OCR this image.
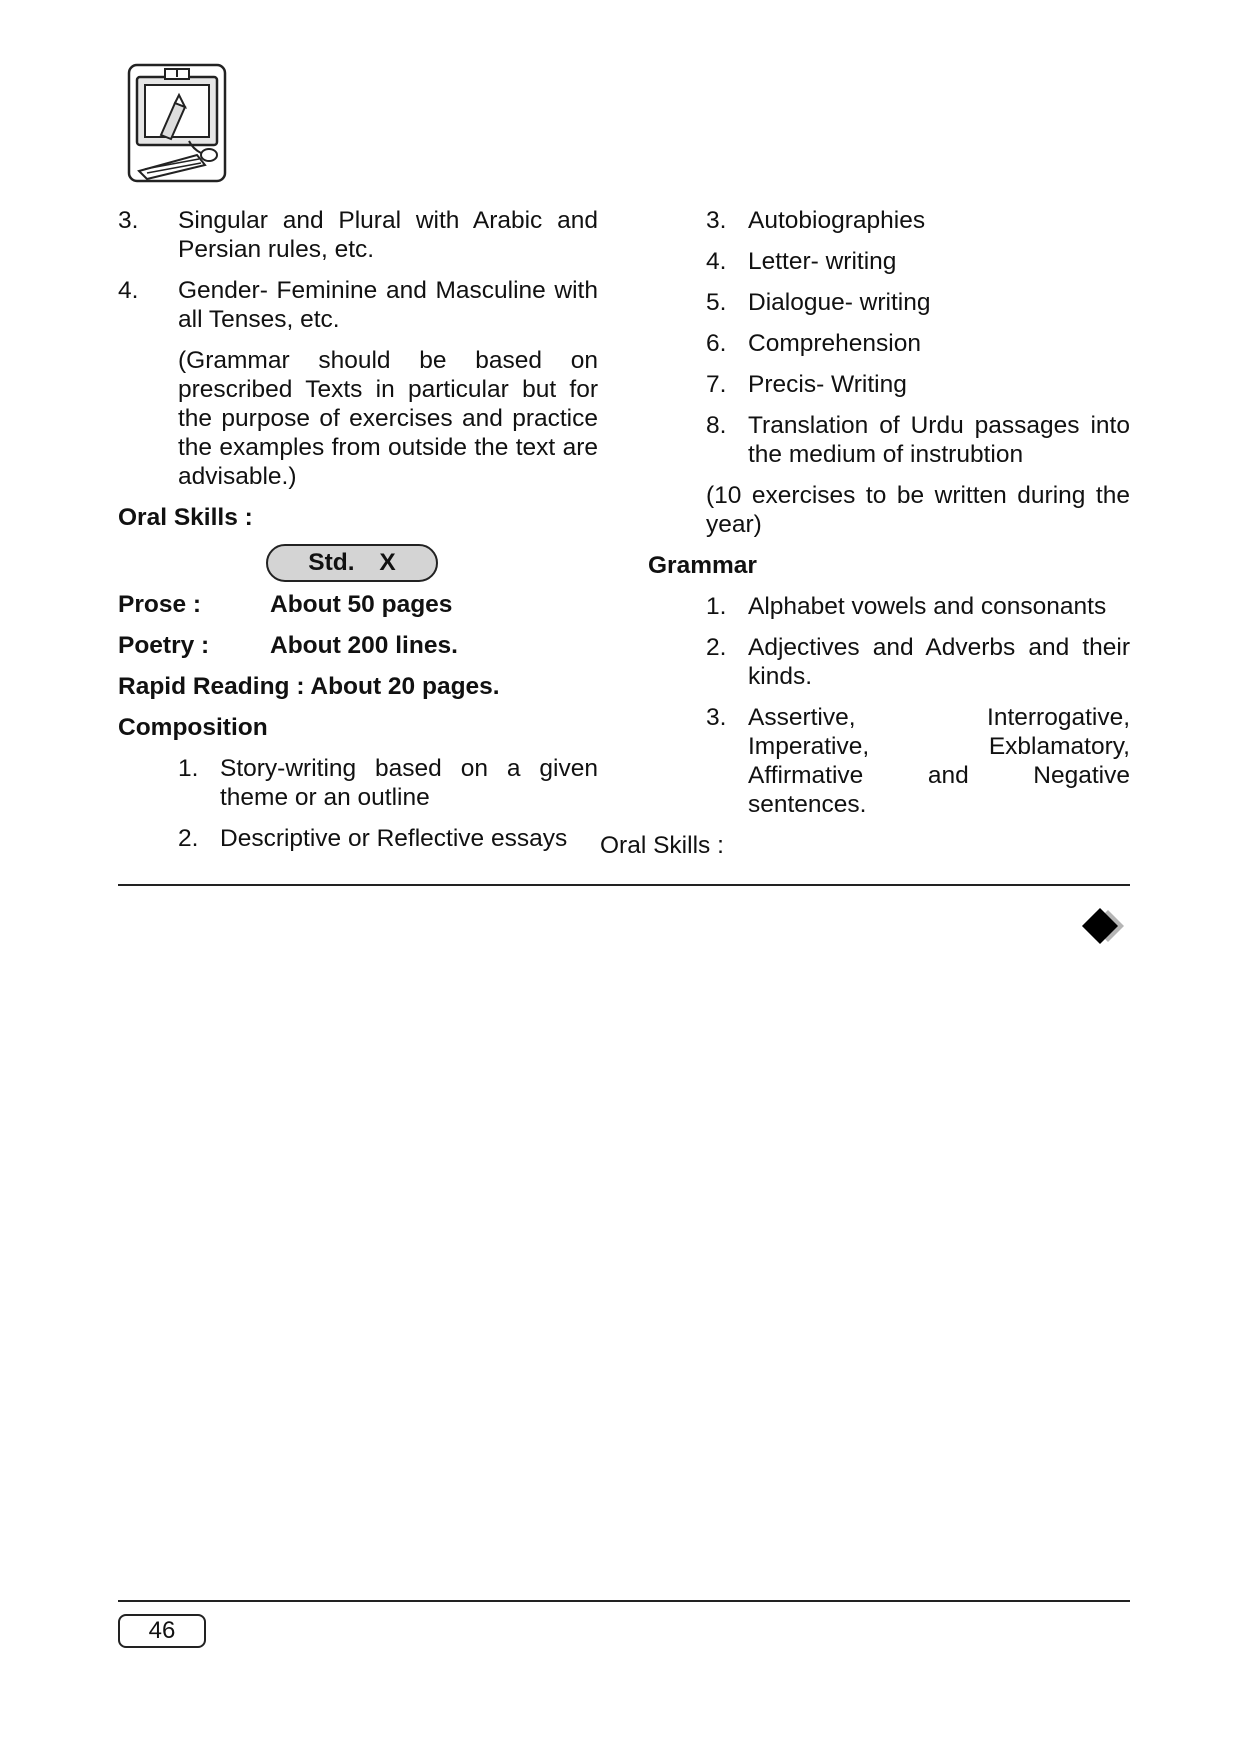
3.	Singular and Plural with Arabic and Persian rules, etc.
4.	Gender- Feminine and Masculine with all Tenses, etc.
(Grammar should be based on prescribed Texts in particular but for the purpose of exercises and practice the examples from outside the text are advisable.)
Oral Skills :
Std. X
Prose :	About 50 pages
Poetry :	About 200 lines.
Rapid Reading : About 20 pages.
Composition
1. Story-writing based on a given theme or an outline
2. Descriptive or Reflective essays
3. Autobiographies
4. Letter- writing
5. Dialogue- writing
6. Comprehension
7. Precis- Writing
8. Translation of Urdu passages into the medium of instrubtion
(10 exercises to be written during the year)
Grammar
1. Alphabet vowels and consonants
2. Adjectives and Adverbs and their kinds.
3. Assertive, Interrogative, Imperative, Exblamatory, Affirmative and Negative sentences.
Oral Skills :
46
